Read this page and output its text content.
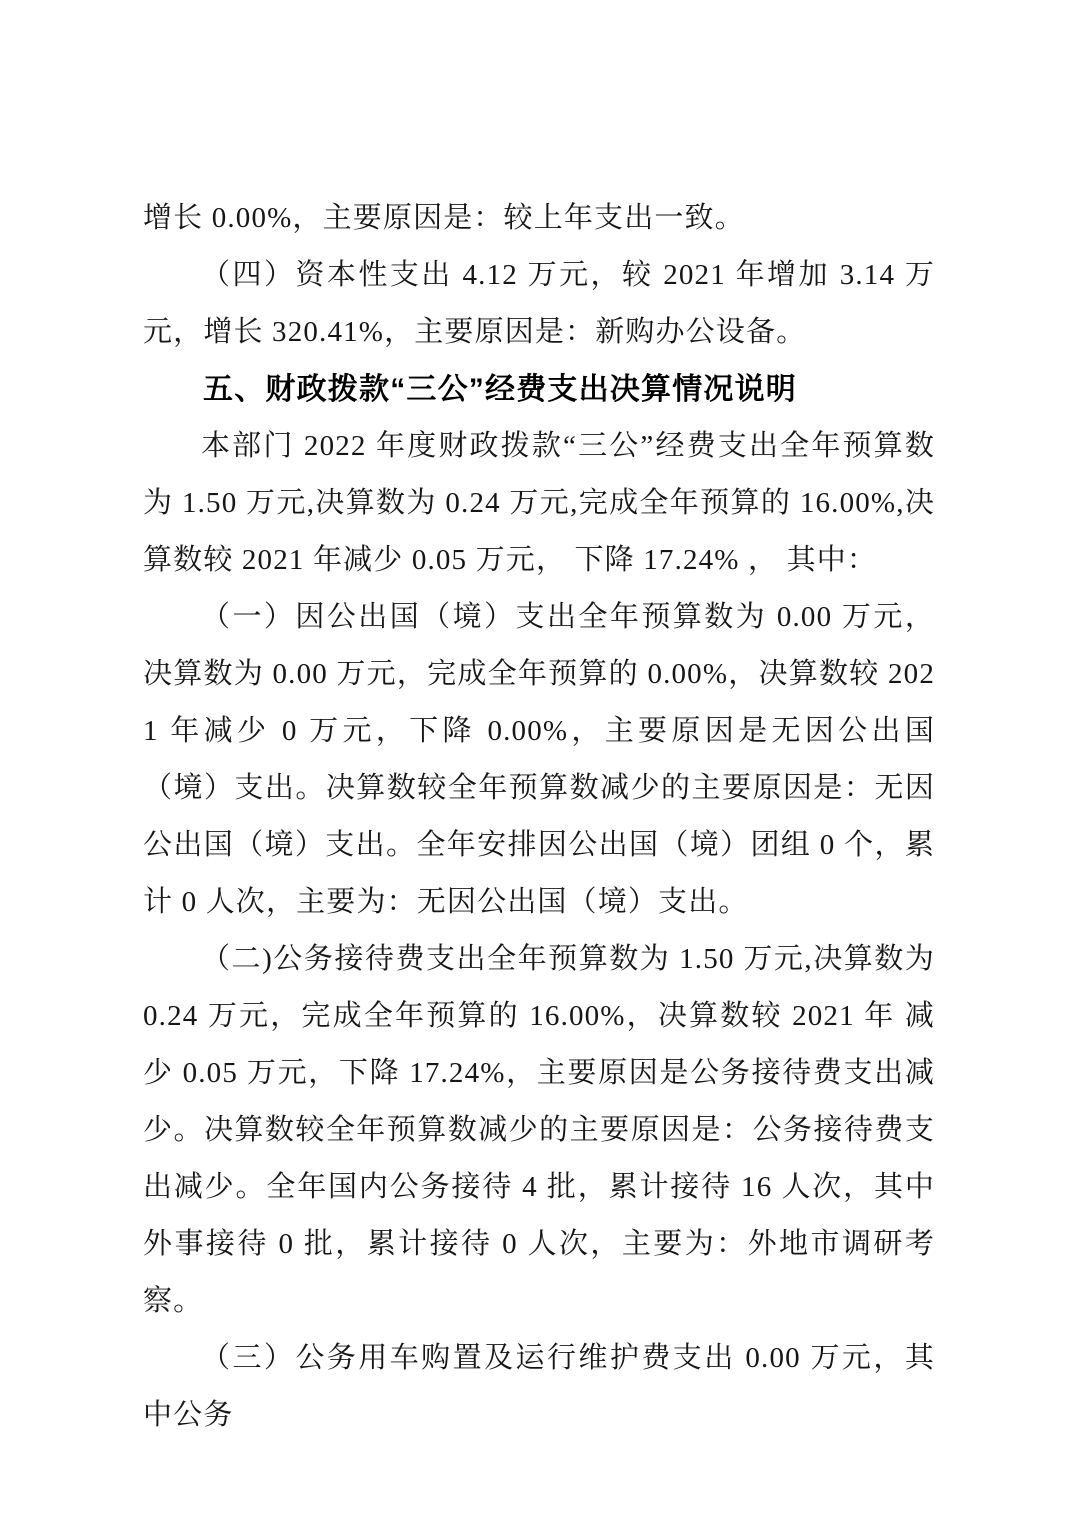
增长 0.00%，主要原因是：较上年支出一致。

（四）资本性支出 4.12 万元，较 2021 年增加 3.14 万元，增长 320.41%，主要原因是：新购办公设备。

五、财政拨款“三公”经费支出决算情况说明

本部门 2022 年度财政拨款“三公”经费支出全年预算数为 1.50 万元,决算数为 0.24 万元,完成全年预算的 16.00%,决算数较 2021 年减少 0.05 万元， 下降 17.24% ， 其中：

（一）因公出国（境）支出全年预算数为 0.00 万元，决算数为 0.00 万元，完成全年预算的 0.00%，决算数较 2021 年减少 0 万元，下降 0.00%，主要原因是无因公出国（境）支出。决算数较全年预算数减少的主要原因是：无因公出国（境）支出。全年安排因公出国（境）团组 0 个，累计 0 人次，主要为：无因公出国（境）支出。

（二)公务接待费支出全年预算数为 1.50 万元,决算数为 0.24 万元，完成全年预算的 16.00%，决算数较 2021 年 减少 0.05 万元，下降 17.24%，主要原因是公务接待费支出减少。决算数较全年预算数减少的主要原因是：公务接待费支出减少。全年国内公务接待 4 批，累计接待 16 人次，其中外事接待 0 批，累计接待 0 人次，主要为：外地市调研考察。

（三）公务用车购置及运行维护费支出 0.00 万元，其中公务
